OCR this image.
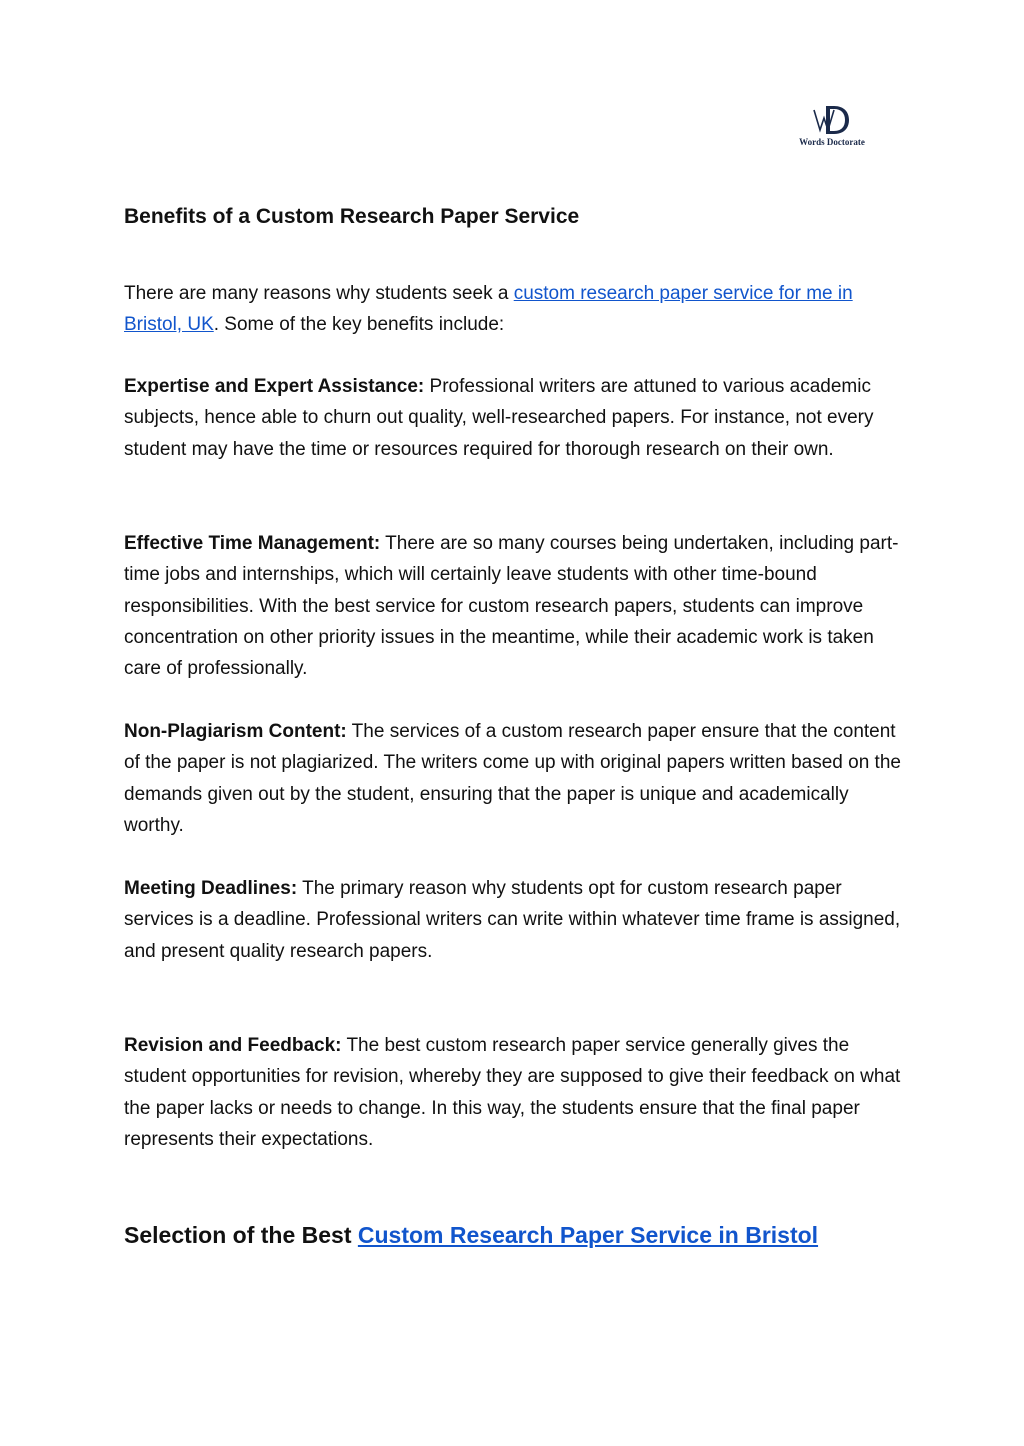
Words Doctorate
Benefits of a Custom Research Paper Service

There are many reasons why students seek a custom research paper service for me in Bristol, UK. Some of the key benefits include:

Expertise and Expert Assistance: Professional writers are attuned to various academic subjects, hence able to churn out quality, well-researched papers. For instance, not every student may have the time or resources required for thorough research on their own.

Effective Time Management: There are so many courses being undertaken, including part-time jobs and internships, which will certainly leave students with other time-bound responsibilities. With the best service for custom research papers, students can improve concentration on other priority issues in the meantime, while their academic work is taken care of professionally.

Non-Plagiarism Content: The services of a custom research paper ensure that the content of the paper is not plagiarized. The writers come up with original papers written based on the demands given out by the student, ensuring that the paper is unique and academically worthy.

Meeting Deadlines: The primary reason why students opt for custom research paper services is a deadline. Professional writers can write within whatever time frame is assigned, and present quality research papers.

Revision and Feedback: The best custom research paper service generally gives the student opportunities for revision, whereby they are supposed to give their feedback on what the paper lacks or needs to change. In this way, the students ensure that the final paper represents their expectations.

Selection of the Best Custom Research Paper Service in Bristol
